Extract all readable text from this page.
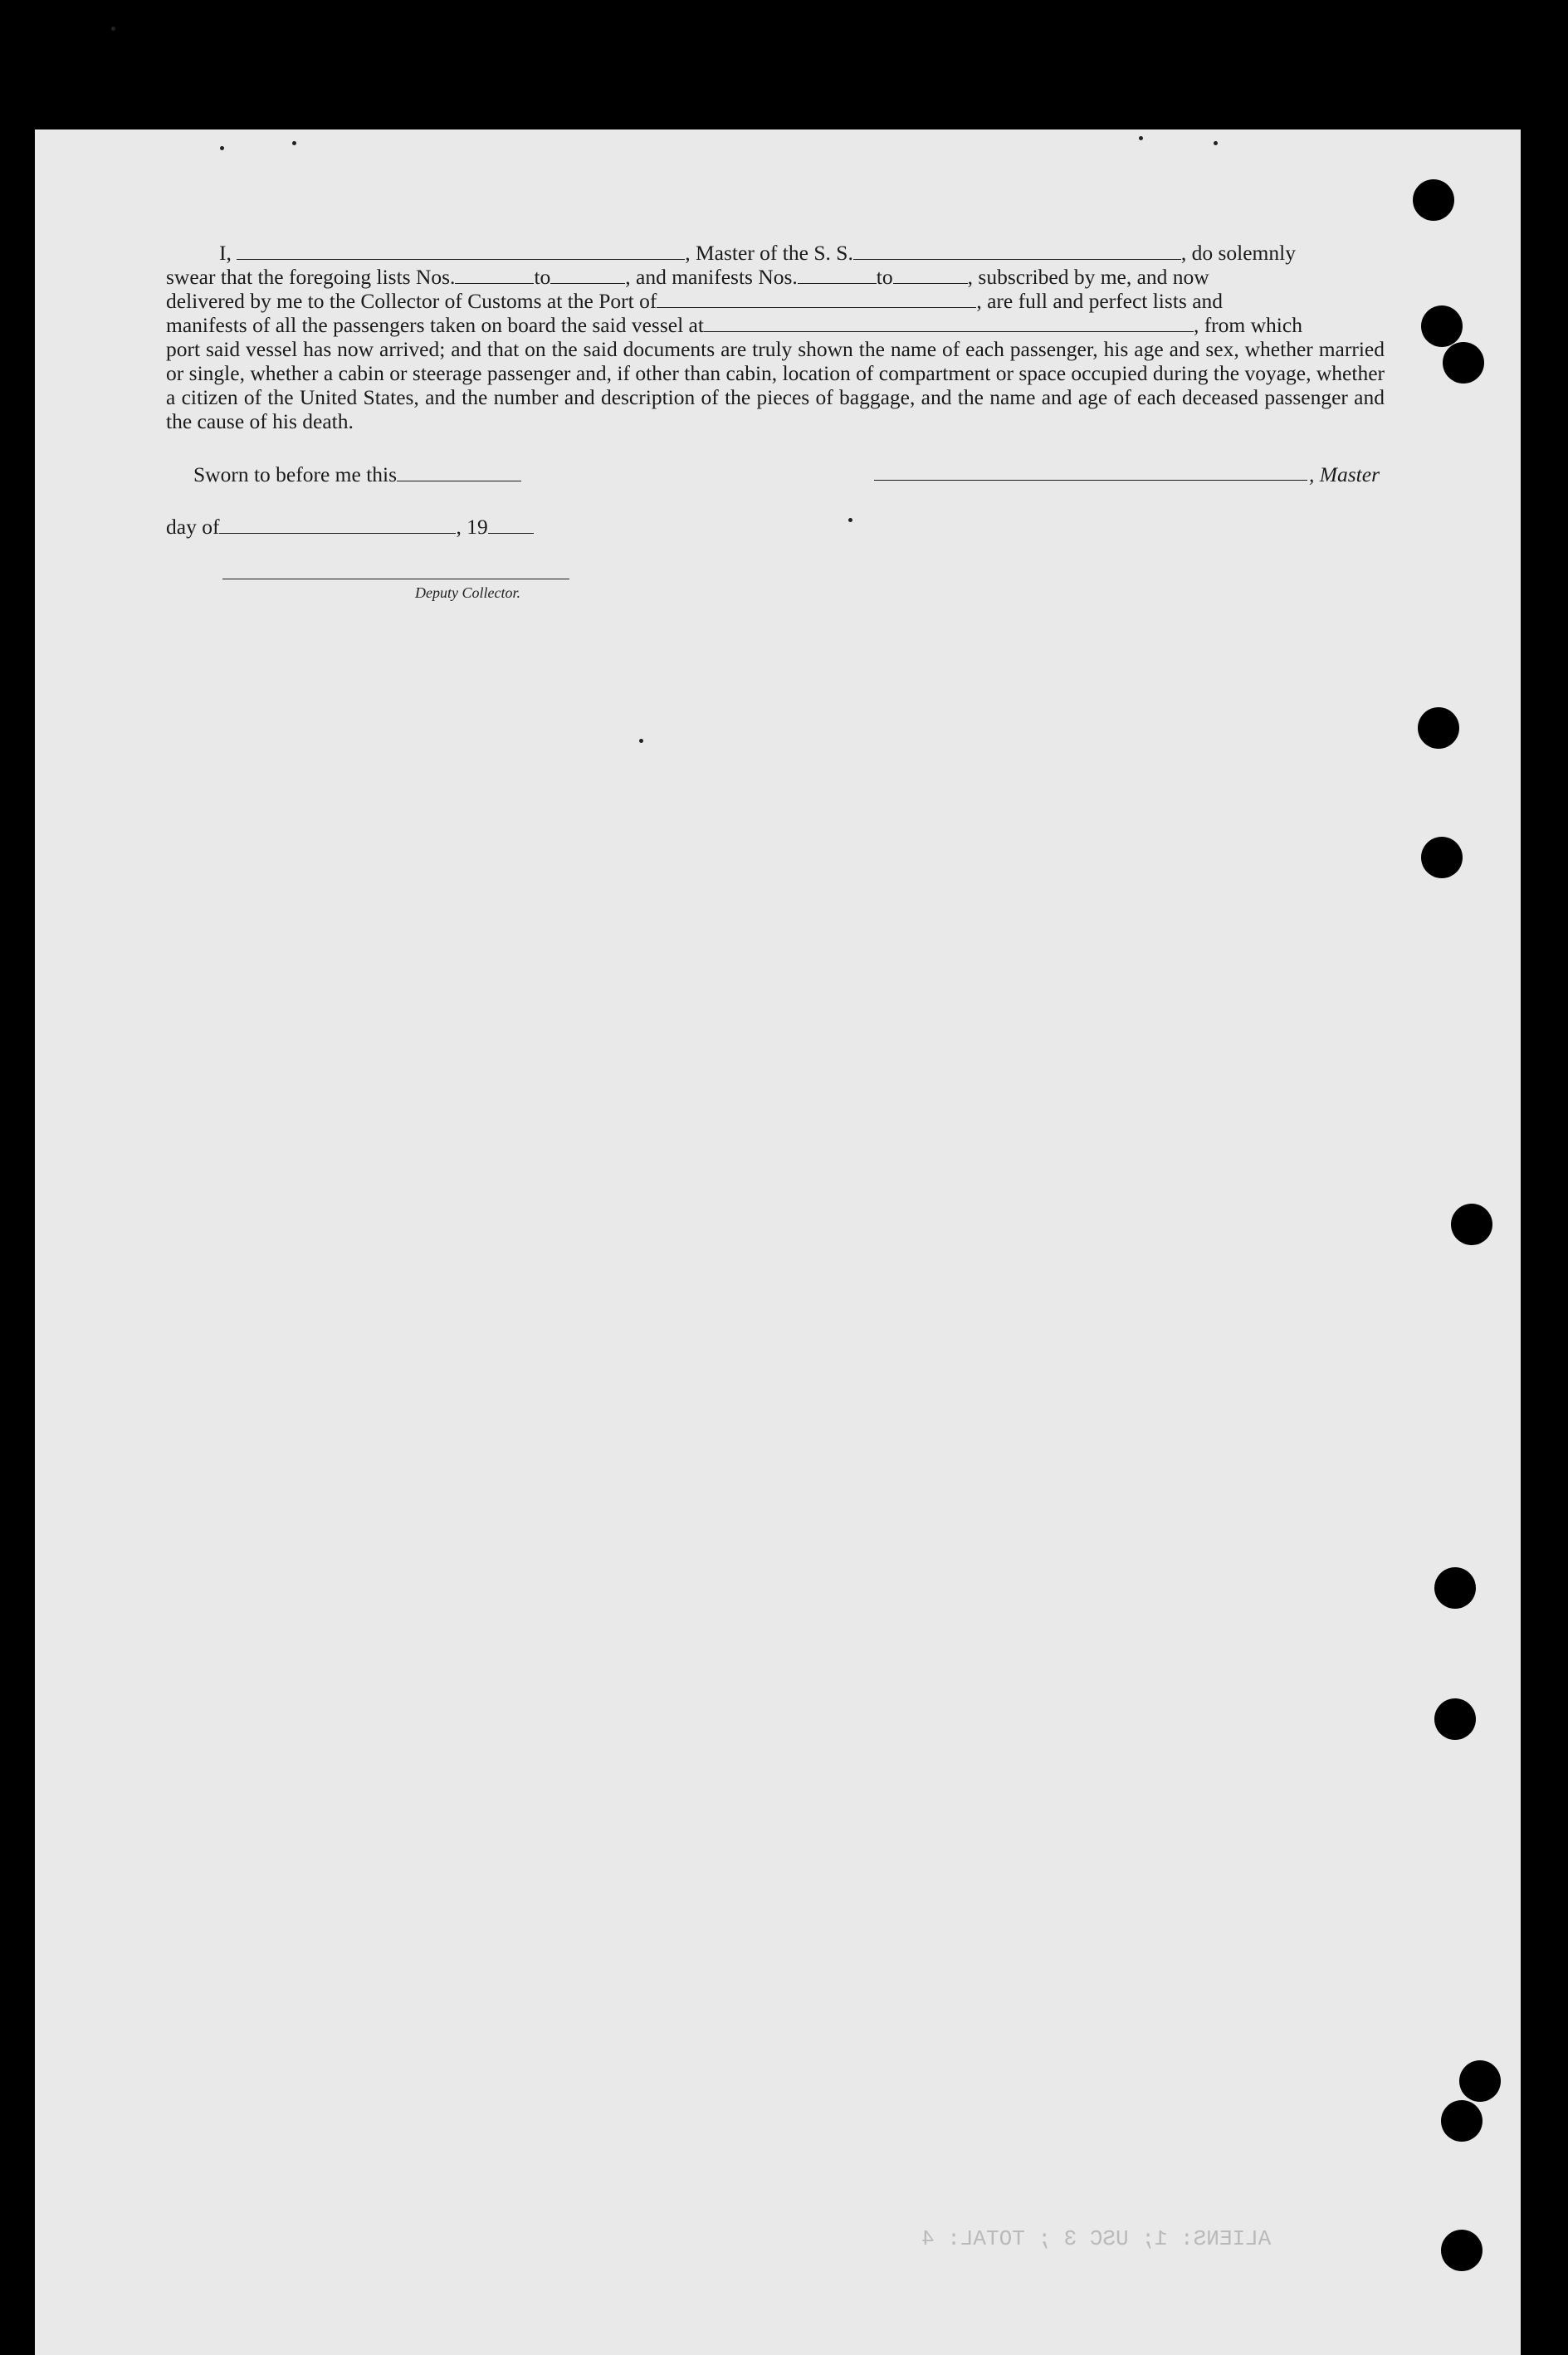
ALIENS: 1; USC 3 ; TOTAL: 4

I,	, Master of the S. S.	, do solemnly

swear that the foregoing lists Nos.	to	, and manifests Nos.	to	, subscribed by me, and now
delivered by me to the Collector of Customs at the Port of	, are full and perfect lists and
manifests of all the passengers taken on board the said vessel at	, from which
port said vessel has now arrived; and that on the said documents are truly shown the name of each passenger, his age and sex, whether married or single, whether a cabin or steerage passenger and, if other than cabin, location of compartment or space occupied during the voyage, whether a citizen of the United States, and the number and description of the pieces of baggage, and the name and age of each deceased passenger and the cause of his death.
Sworn to before me this	, Master
day of	, 19
Deputy Collector.
